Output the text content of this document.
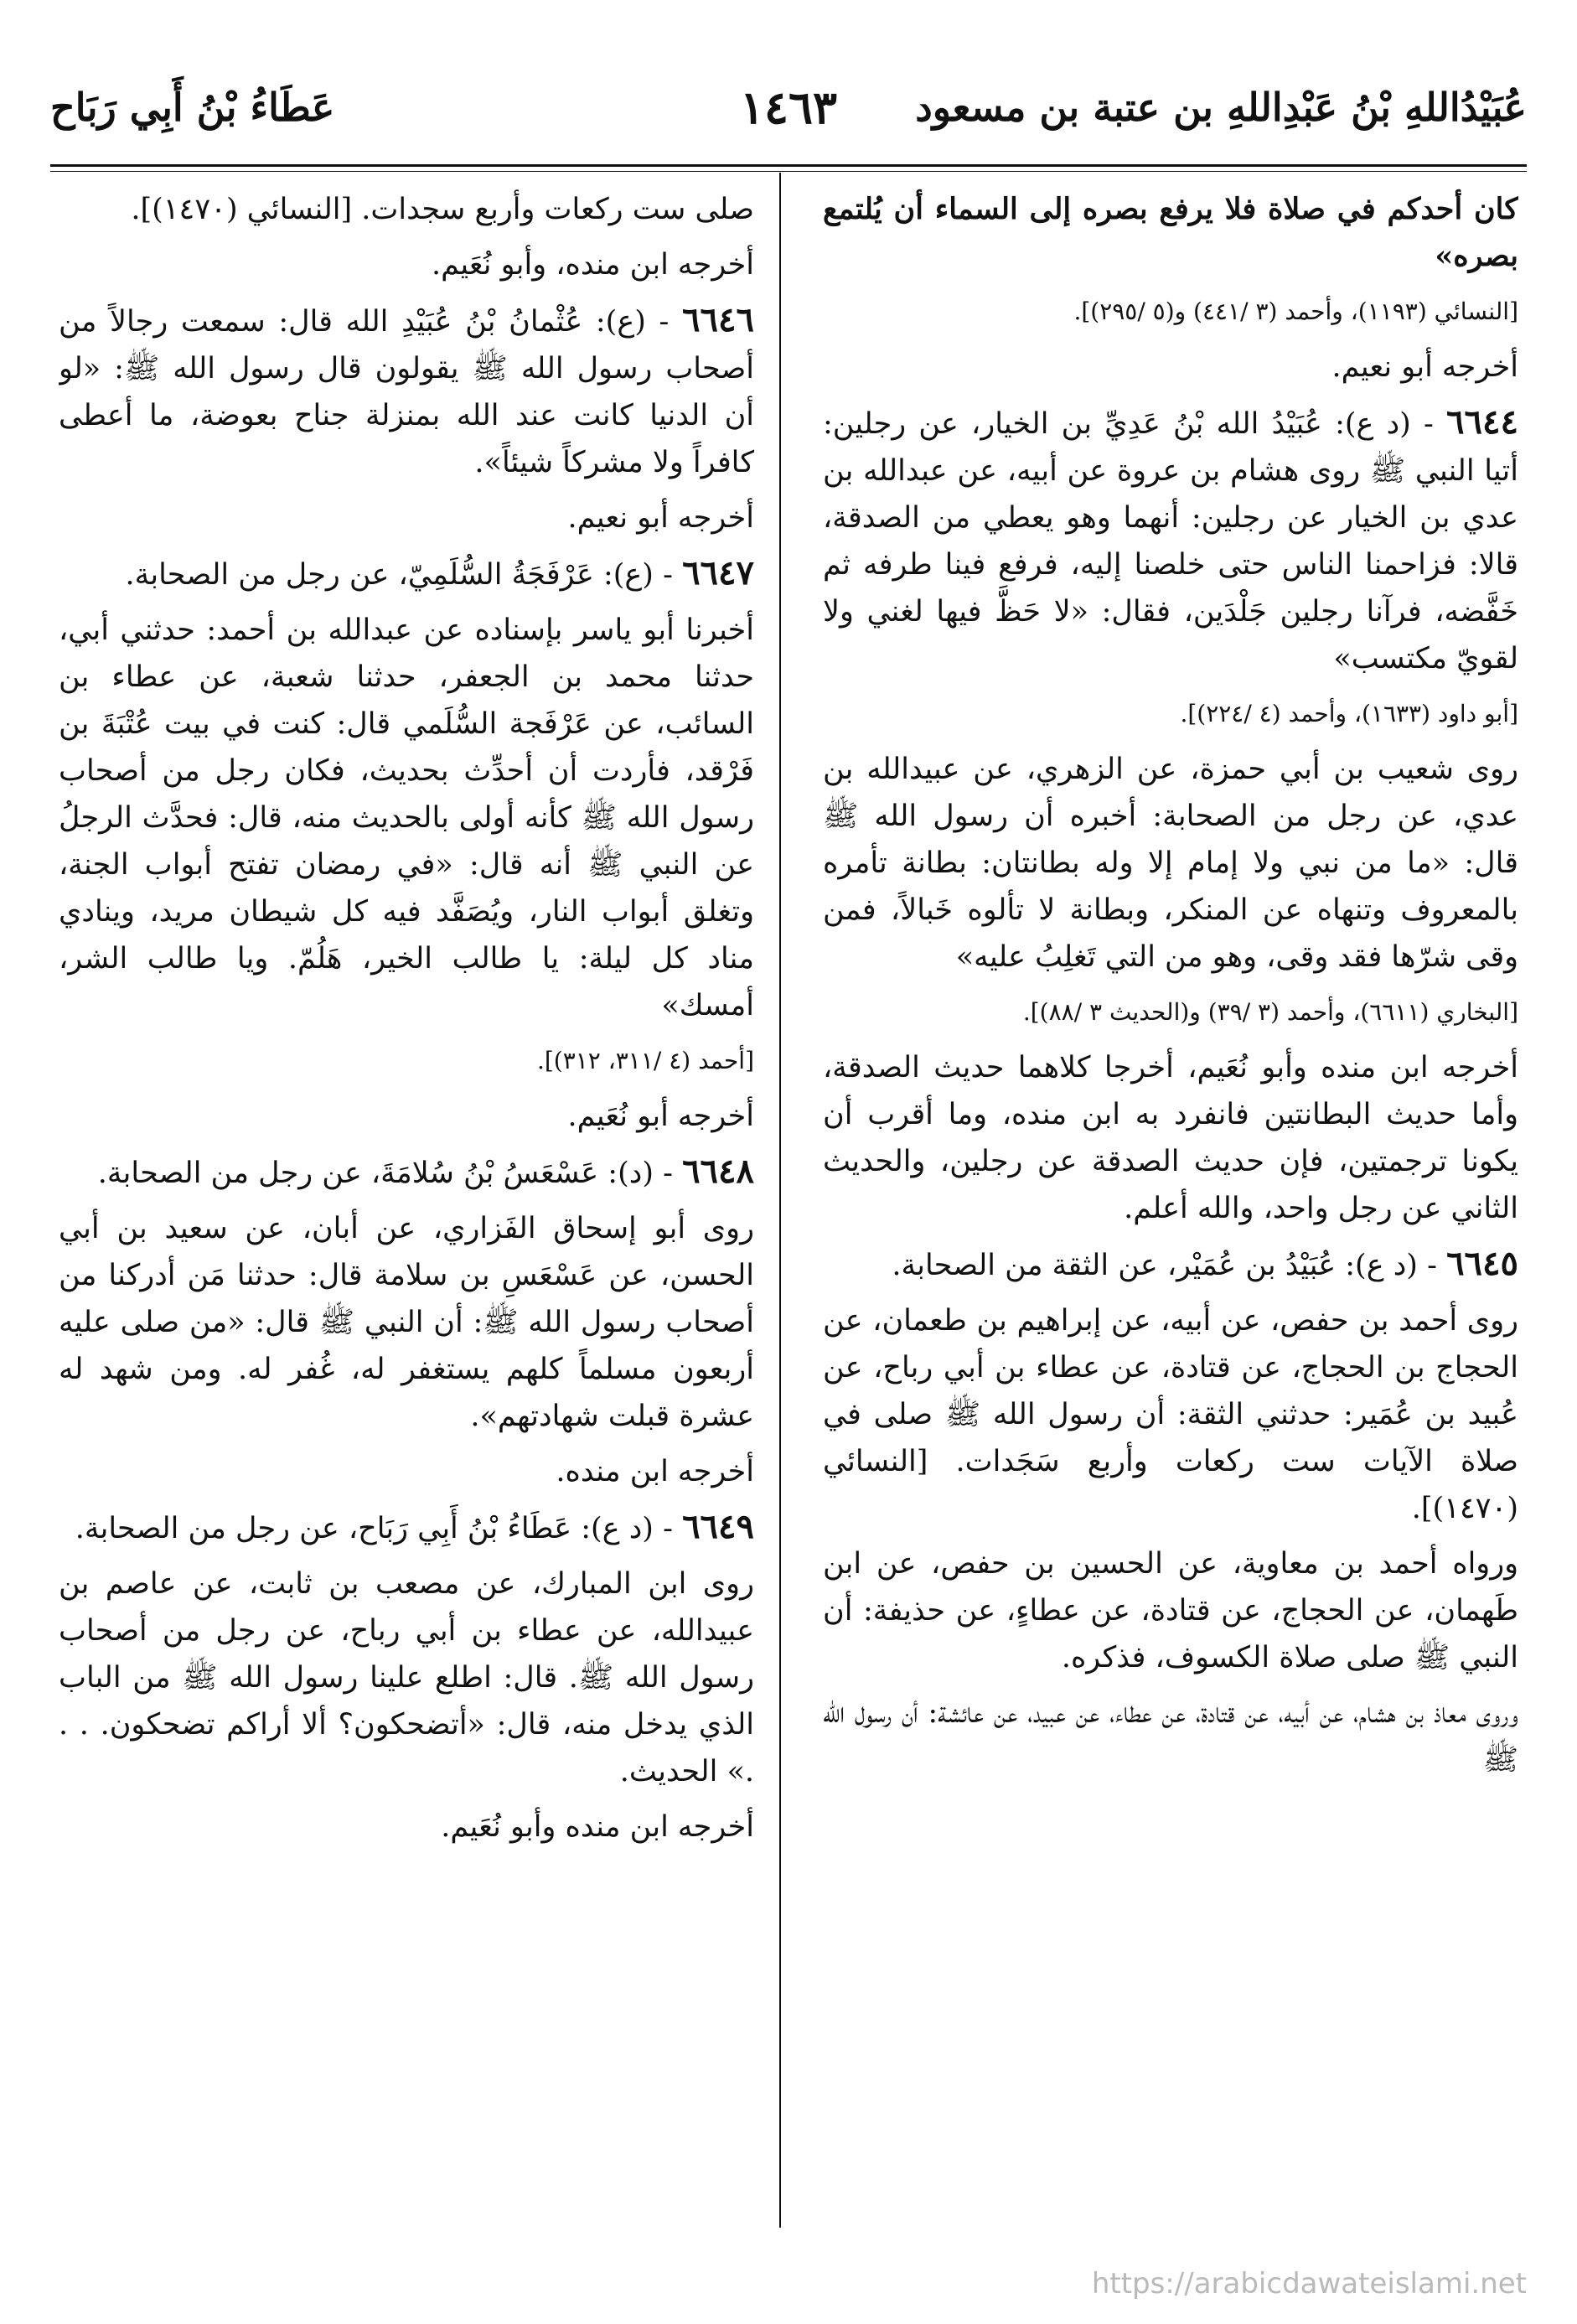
عُبَيْدُاللهِ بْنُ عَبْدِاللهِ بن عتبة بن مسعود
١٤٦٣
عَطَاءُ بْنُ أَبِي رَبَاح

كان أحدكم في صلاة فلا يرفع بصره إلى السماء أن يُلتمع بصره»

[النسائي (١١٩٣)، وأحمد (٣ /٤٤١) و(٥ /٢٩٥)].

أخرجه أبو نعيم.

٦٦٤٤ - (د ع): عُبَيْدُ الله بْنُ عَدِيِّ بن الخيار، عن رجلين: أتيا النبي ﷺ روى هشام بن عروة عن أبيه، عن عبدالله بن عدي بن الخيار عن رجلين: أنهما وهو يعطي من الصدقة، قالا: فزاحمنا الناس حتى خلصنا إليه، فرفع فينا طرفه ثم خَفَّضه، فرآنا رجلين جَلْدَين، فقال: «لا حَظَّ فيها لغني ولا لقويّ مكتسب»

[أبو داود (١٦٣٣)، وأحمد (٤ /٢٢٤)].

روى شعيب بن أبي حمزة، عن الزهري، عن عبيدالله بن عدي، عن رجل من الصحابة: أخبره أن رسول الله ﷺ قال: «ما من نبي ولا إمام إلا وله بطانتان: بطانة تأمره بالمعروف وتنهاه عن المنكر، وبطانة لا تألوه خَبالاً، فمن وقى شرّها فقد وقى، وهو من التي تَغلِبُ عليه»

[البخاري (٦٦١١)، وأحمد (٣ /٣٩) و(الحديث ٣ /٨٨)].

أخرجه ابن منده وأبو نُعَيم، أخرجا كلاهما حديث الصدقة، وأما حديث البطانتين فانفرد به ابن منده، وما أقرب أن يكونا ترجمتين، فإن حديث الصدقة عن رجلين، والحديث الثاني عن رجل واحد، والله أعلم.

٦٦٤٥ - (د ع): عُبَيْدُ بن عُمَيْر، عن الثقة من الصحابة.

روى أحمد بن حفص، عن أبيه، عن إبراهيم بن طعمان، عن الحجاج بن الحجاج، عن قتادة، عن عطاء بن أبي رباح، عن عُبيد بن عُمَير: حدثني الثقة: أن رسول الله ﷺ صلى في صلاة الآيات ست ركعات وأربع سَجَدات. [النسائي (١٤٧٠)].

ورواه أحمد بن معاوية، عن الحسين بن حفص، عن ابن طَهمان، عن الحجاج، عن قتادة، عن عطاءٍ، عن حذيفة: أن النبي ﷺ صلى صلاة الكسوف، فذكره.

وروى معاذ بن هشام، عن أبيه، عن قتادة، عن عطاء، عن عبيد، عن عائشة: أن رسول الله ﷺ

صلى ست ركعات وأربع سجدات. [النسائي (١٤٧٠)].

أخرجه ابن منده، وأبو نُعَيم.

٦٦٤٦ - (ع): عُثْمانُ بْنُ عُبَيْدِ الله قال: سمعت رجالاً من أصحاب رسول الله ﷺ يقولون قال رسول الله ﷺ: «لو أن الدنيا كانت عند الله بمنزلة جناح بعوضة، ما أعطى كافراً ولا مشركاً شيئاً».

أخرجه أبو نعيم.

٦٦٤٧ - (ع): عَرْفَجَةُ السُّلَمِيّ، عن رجل من الصحابة.

أخبرنا أبو ياسر بإسناده عن عبدالله بن أحمد: حدثني أبي، حدثنا محمد بن الجعفر، حدثنا شعبة، عن عطاء بن السائب، عن عَرْفَجة السُّلَمي قال: كنت في بيت عُتْبَةَ بن فَرْقد، فأردت أن أحدِّث بحديث، فكان رجل من أصحاب رسول الله ﷺ كأنه أولى بالحديث منه، قال: فحدَّث الرجلُ عن النبي ﷺ أنه قال: «في رمضان تفتح أبواب الجنة، وتغلق أبواب النار، ويُصَفَّد فيه كل شيطان مريد، وينادي مناد كل ليلة: يا طالب الخير، هَلُمّ. ويا طالب الشر، أمسك»

[أحمد (٤ /٣١١، ٣١٢)].

أخرجه أبو نُعَيم.

٦٦٤٨ - (د): عَسْعَسُ بْنُ سُلامَةَ، عن رجل من الصحابة.

روى أبو إسحاق الفَزاري، عن أبان، عن سعيد بن أبي الحسن، عن عَسْعَسِ بن سلامة قال: حدثنا مَن أدركنا من أصحاب رسول الله ﷺ: أن النبي ﷺ قال: «من صلى عليه أربعون مسلماً كلهم يستغفر له، غُفر له. ومن شهد له عشرة قبلت شهادتهم».

أخرجه ابن منده.

٦٦٤٩ - (د ع): عَطَاءُ بْنُ أَبِي رَبَاح، عن رجل من الصحابة.

روى ابن المبارك، عن مصعب بن ثابت، عن عاصم بن عبيدالله، عن عطاء بن أبي رباح، عن رجل من أصحاب رسول الله ﷺ. قال: اطلع علينا رسول الله ﷺ من الباب الذي يدخل منه، قال: «أتضحكون؟ ألا أراكم تضحكون. . . .» الحديث.

أخرجه ابن منده وأبو نُعَيم.

https://arabicdawateislami.net
